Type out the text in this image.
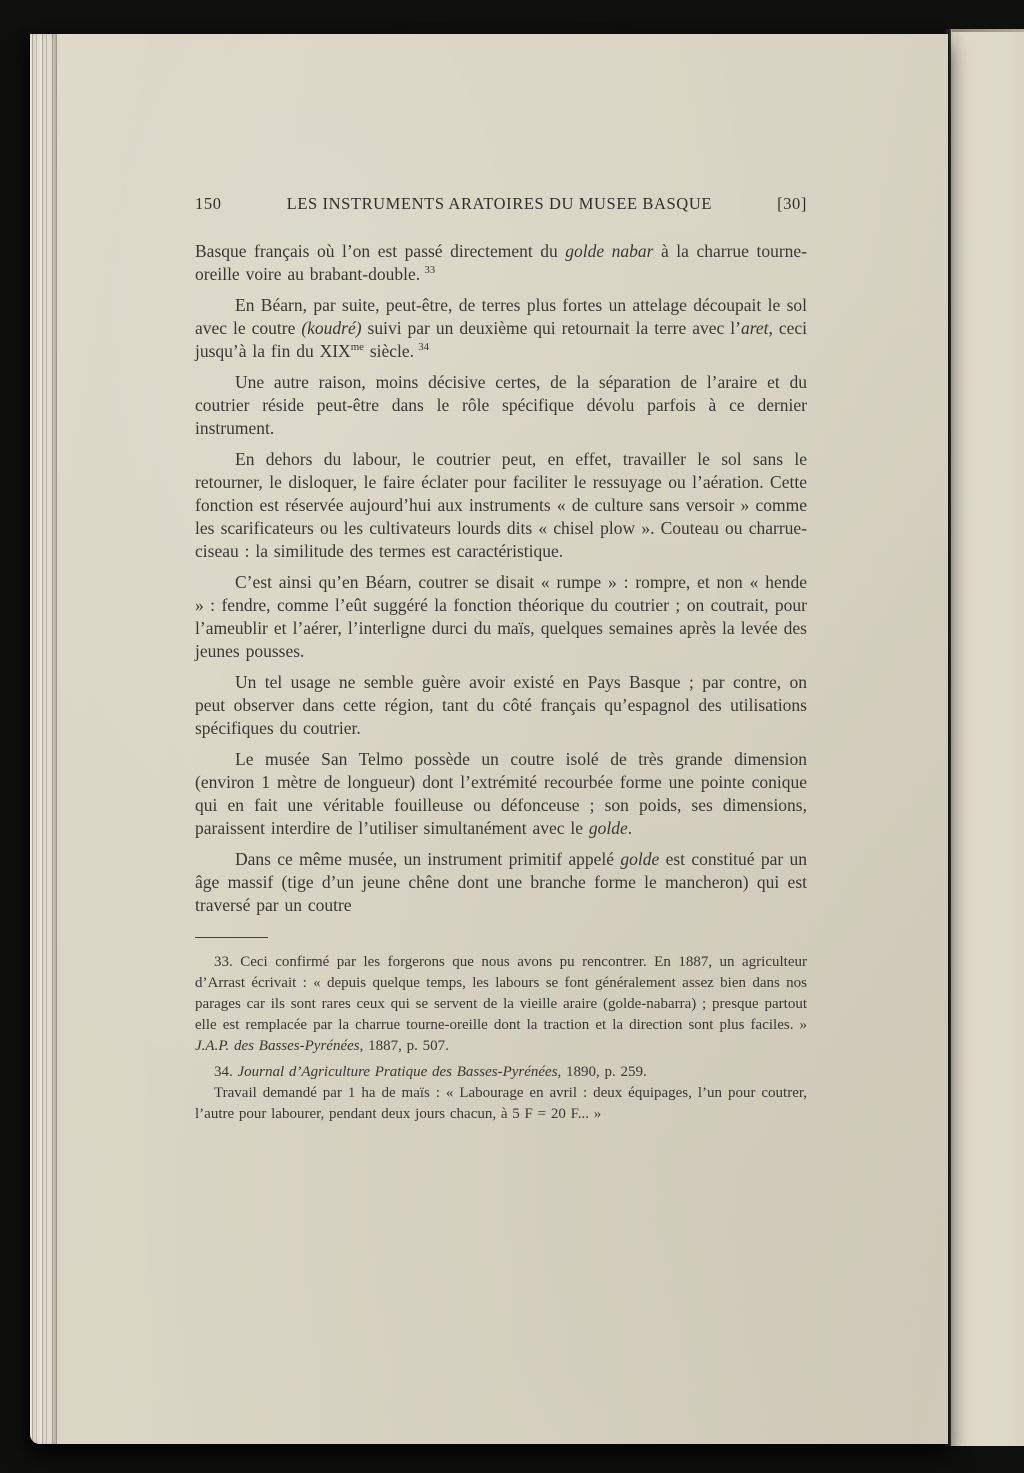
150	LES INSTRUMENTS ARATOIRES DU MUSEE BASQUE	[30]

Basque français où l’on est passé directement du golde nabar à la charrue tourne-oreille voire au brabant-double. $^{33}$

En Béarn, par suite, peut-être, de terres plus fortes un attelage découpait le sol avec le coutre (koudré) suivi par un deuxième qui retournait la terre avec l’aret, ceci jusqu’à la fin du $XIX^{me}$ siècle. $^{34}$

Une autre raison, moins décisive certes, de la séparation de l’araire et du coutrier réside peut-être dans le rôle spécifique dévolu parfois à ce dernier instrument.

En dehors du labour, le coutrier peut, en effet, travailler le sol sans le retourner, le disloquer, le faire éclater pour faciliter le ressuyage ou l’aération. Cette fonction est réservée aujourd’hui aux instruments « de culture sans versoir » comme les scarificateurs ou les cultivateurs lourds dits « chisel plow ». Couteau ou charrue-ciseau : la similitude des termes est caractéristique.

C’est ainsi qu’en Béarn, coutrer se disait « rumpe » : rompre, et non « hende » : fendre, comme l’eût suggéré la fonction théorique du coutrier ; on coutrait, pour l’ameublir et l’aérer, l’interligne durci du maïs, quelques semaines après la levée des jeunes pousses.

Un tel usage ne semble guère avoir existé en Pays Basque ; par contre, on peut observer dans cette région, tant du côté français qu’espagnol des utilisations spécifiques du coutrier.

Le musée San Telmo possède un coutre isolé de très grande dimension (environ 1 mètre de longueur) dont l’extrémité recourbée forme une pointe conique qui en fait une véritable fouilleuse ou défonceuse ; son poids, ses dimensions, paraissent interdire de l’utiliser simultanément avec le golde.

Dans ce même musée, un instrument primitif appelé golde est constitué par un âge massif (tige d’un jeune chêne dont une branche forme le mancheron) qui est traversé par un coutre

33. Ceci confirmé par les forgerons que nous avons pu rencontrer. En 1887, un agriculteur d’Arrast écrivait : « depuis quelque temps, les labours se font généralement assez bien dans nos parages car ils sont rares ceux qui se servent de la vieille araire (golde-nabarra) ; presque partout elle est remplacée par la charrue tourne-oreille dont la traction et la direction sont plus faciles. » J.A.P. des Basses-Pyrénées, 1887, p. 507.

34. Journal d’Agriculture Pratique des Basses-Pyrénées, 1890, p. 259.

Travail demandé par 1 ha de maïs : « Labourage en avril : deux équipages, l’un pour coutrer, l’autre pour labourer, pendant deux jours chacun, à 5 F = 20 F... »
